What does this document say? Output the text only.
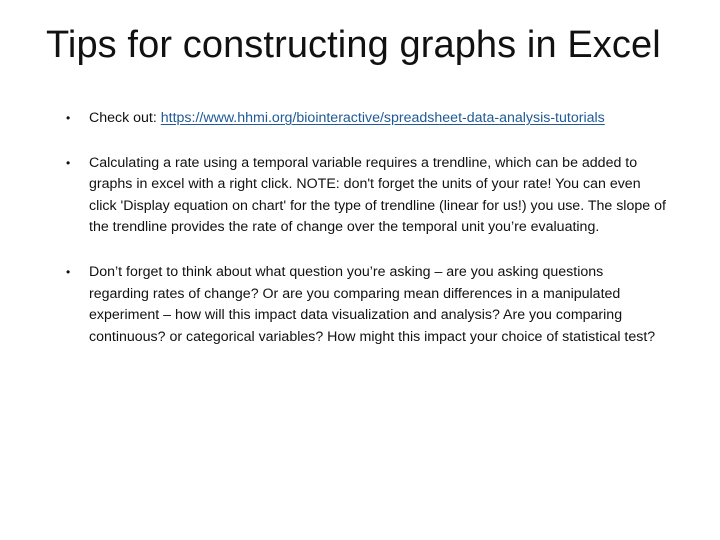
Tips for constructing graphs in Excel
• Check out: https://www.hhmi.org/biointeractive/spreadsheet-data-analysis-tutorials
• Calculating a rate using a temporal variable requires a trendline, which can be added to graphs in excel with a right click. NOTE: don't forget the units of your rate! You can even click 'Display equation on chart' for the type of trendline (linear for us!) you use. The slope of the trendline provides the rate of change over the temporal unit you’re evaluating.
• Don’t forget to think about what question you’re asking – are you asking questions regarding rates of change? Or are you comparing mean differences in a manipulated experiment – how will this impact data visualization and analysis? Are you comparing continuous? or categorical variables? How might this impact your choice of statistical test?
